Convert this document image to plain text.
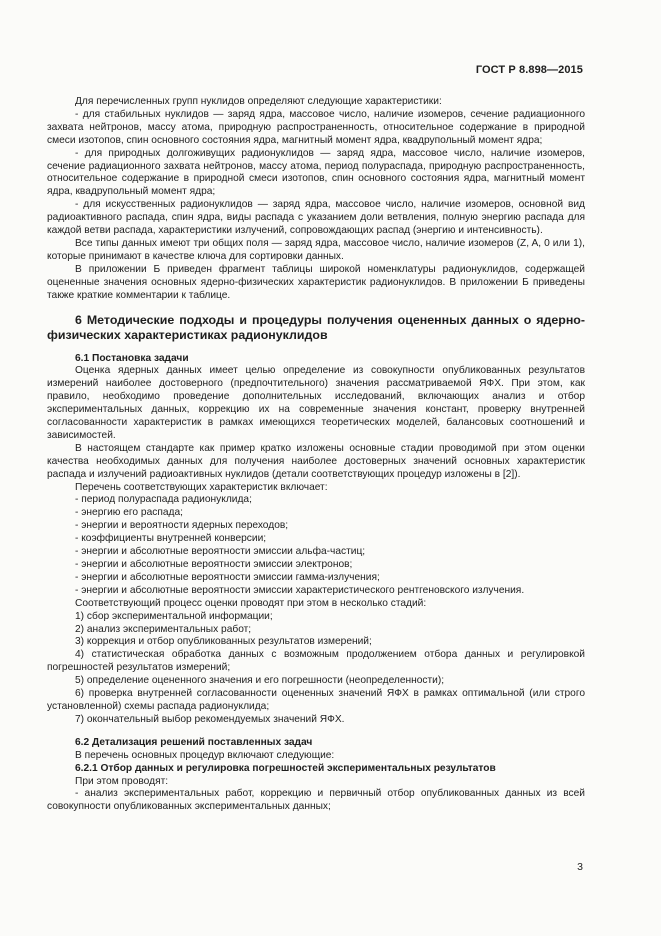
ГОСТ Р 8.898—2015

Для перечисленных групп нуклидов определяют следующие характеристики:

- для стабильных нуклидов — заряд ядра, массовое число, наличие изомеров, сечение радиационного захвата нейтронов, массу атома, природную распространенность, относительное содержание в природной смеси изотопов, спин основного состояния ядра, магнитный момент ядра, квадрупольный момент ядра;

- для природных долгоживущих радионуклидов — заряд ядра, массовое число, наличие изомеров, сечение радиационного захвата нейтронов, массу атома, период полураспада, природную распространенность, относительное содержание в природной смеси изотопов, спин основного состояния ядра, магнитный момент ядра, квадрупольный момент ядра;

- для искусственных радионуклидов — заряд ядра, массовое число, наличие изомеров, основной вид радиоактивного распада, спин ядра, виды распада с указанием доли ветвления, полную энергию распада для каждой ветви распада, характеристики излучений, сопровождающих распад (энергию и интенсивность).

Все типы данных имеют три общих поля — заряд ядра, массовое число, наличие изомеров (Z, A, 0 или 1), которые принимают в качестве ключа для сортировки данных.

В приложении Б приведен фрагмент таблицы широкой номенклатуры радионуклидов, содержащей оцененные значения основных ядерно-физических характеристик радионуклидов. В приложении Б приведены также краткие комментарии к таблице.

6 Методические подходы и процедуры получения оцененных данных о ядерно-физических характеристиках радионуклидов

6.1 Постановка задачи

Оценка ядерных данных имеет целью определение из совокупности опубликованных результатов измерений наиболее достоверного (предпочтительного) значения рассматриваемой ЯФХ. При этом, как правило, необходимо проведение дополнительных исследований, включающих анализ и отбор экспериментальных данных, коррекцию их на современные значения констант, проверку внутренней согласованности характеристик в рамках имеющихся теоретических моделей, балансовых соотношений и зависимостей.

В настоящем стандарте как пример кратко изложены основные стадии проводимой при этом оценки качества необходимых данных для получения наиболее достоверных значений основных характеристик распада и излучений радиоактивных нуклидов (детали соответствующих процедур изложены в [2]).

Перечень соответствующих характеристик включает:

- период полураспада радионуклида;

- энергию его распада;

- энергии и вероятности ядерных переходов;

- коэффициенты внутренней конверсии;

- энергии и абсолютные вероятности эмиссии альфа-частиц;

- энергии и абсолютные вероятности эмиссии электронов;

- энергии и абсолютные вероятности эмиссии гамма-излучения;

- энергии и абсолютные вероятности эмиссии характеристического рентгеновского излучения.

Соответствующий процесс оценки проводят при этом в несколько стадий:

1) сбор экспериментальной информации;

2) анализ экспериментальных работ;

3) коррекция и отбор опубликованных результатов измерений;

4) статистическая обработка данных с возможным продолжением отбора данных и регулировкой погрешностей результатов измерений;

5) определение оцененного значения и его погрешности (неопределенности);

6) проверка внутренней согласованности оцененных значений ЯФХ в рамках оптимальной (или строго установленной) схемы распада радионуклида;

7) окончательный выбор рекомендуемых значений ЯФХ.

6.2 Детализация решений поставленных задач

В перечень основных процедур включают следующие:

6.2.1 Отбор данных и регулировка погрешностей экспериментальных результатов

При этом проводят:

- анализ экспериментальных работ, коррекцию и первичный отбор опубликованных данных из всей совокупности опубликованных экспериментальных данных;

3
